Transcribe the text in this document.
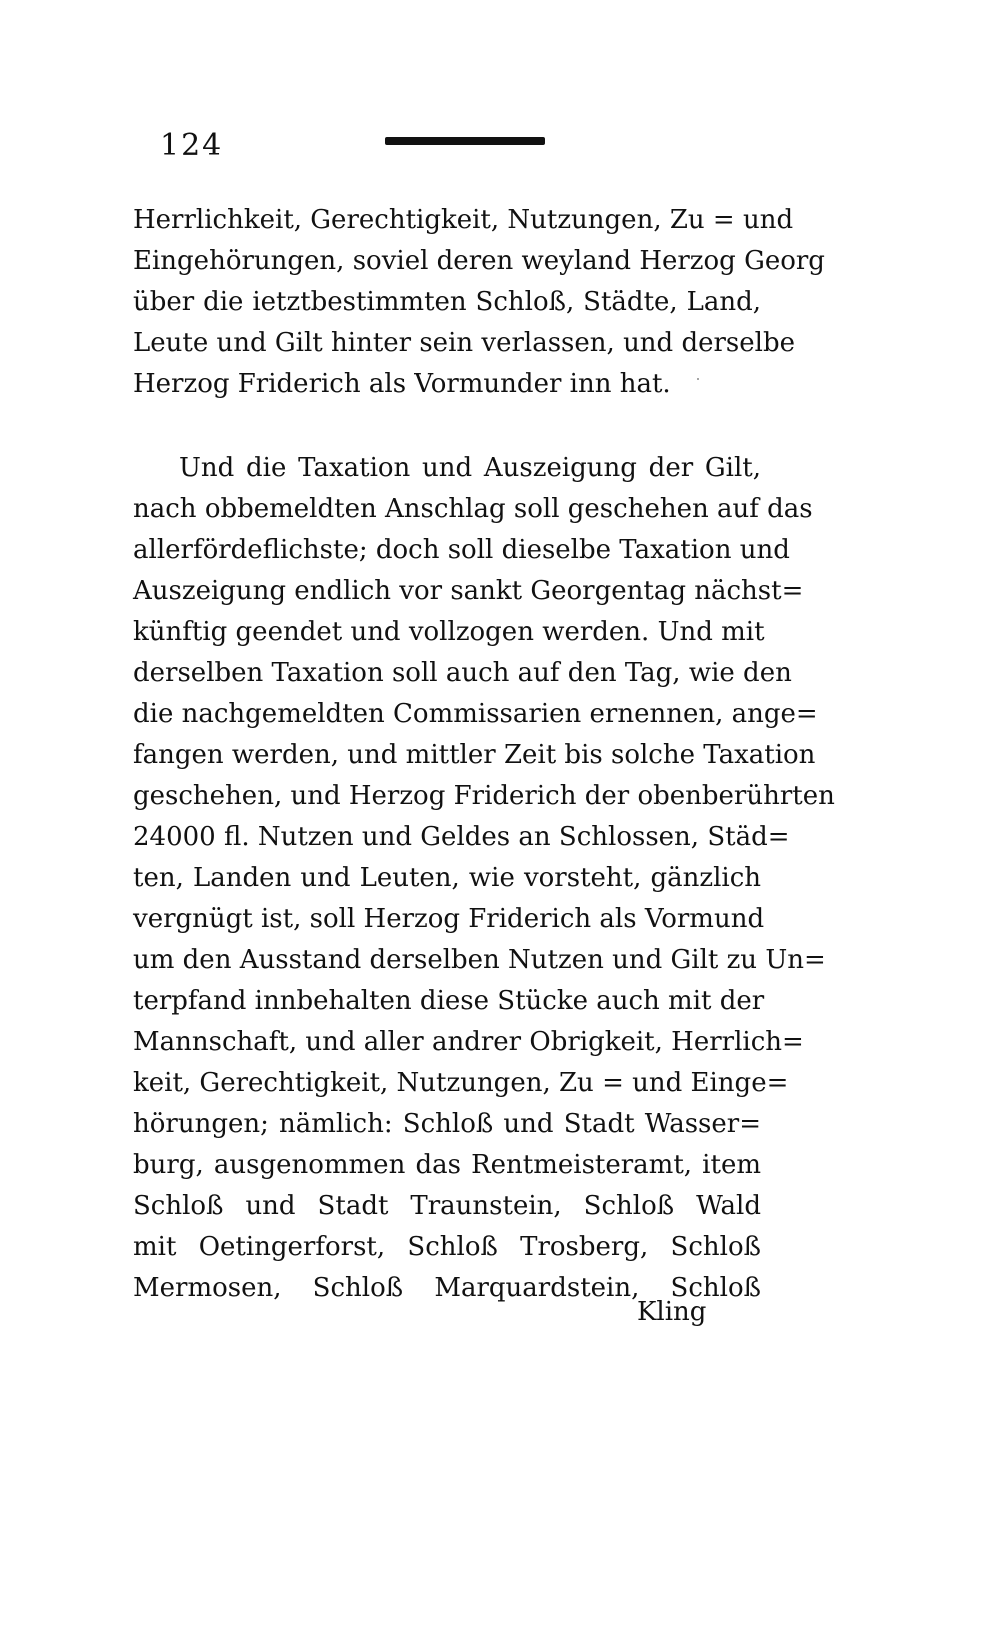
124
Herrlichkeit, Gerechtigkeit, Nutzungen, Zu = und
Eingehörungen, soviel deren weyland Herzog Georg
über die ietztbestimmten Schloß, Städte, Land,
Leute und Gilt hinter sein verlassen, und derselbe
Herzog Friderich als Vormunder inn hat.
Und die Taxation und Auszeigung der Gilt,
nach obbemeldten Anschlag soll geschehen auf das
allerfördeflichste; doch soll dieselbe Taxation und
Auszeigung endlich vor sankt Georgentag nächst=
künftig geendet und vollzogen werden. Und mit
derselben Taxation soll auch auf den Tag, wie den
die nachgemeldten Commissarien ernennen, ange=
fangen werden, und mittler Zeit bis solche Taxation
geschehen, und Herzog Friderich der obenberührten
24000 fl. Nutzen und Geldes an Schlossen, Städ=
ten, Landen und Leuten, wie vorsteht, gänzlich
vergnügt ist, soll Herzog Friderich als Vormund
um den Ausstand derselben Nutzen und Gilt zu Un=
terpfand innbehalten diese Stücke auch mit der
Mannschaft, und aller andrer Obrigkeit, Herrlich=
keit, Gerechtigkeit, Nutzungen, Zu = und Einge=
hörungen; nämlich: Schloß und Stadt Wasser=
burg, ausgenommen das Rentmeisteramt, item
Schloß und Stadt Traunstein, Schloß Wald
mit Oetingerforst, Schloß Trosberg, Schloß
Mermosen, Schloß Marquardstein, Schloß
Kling
